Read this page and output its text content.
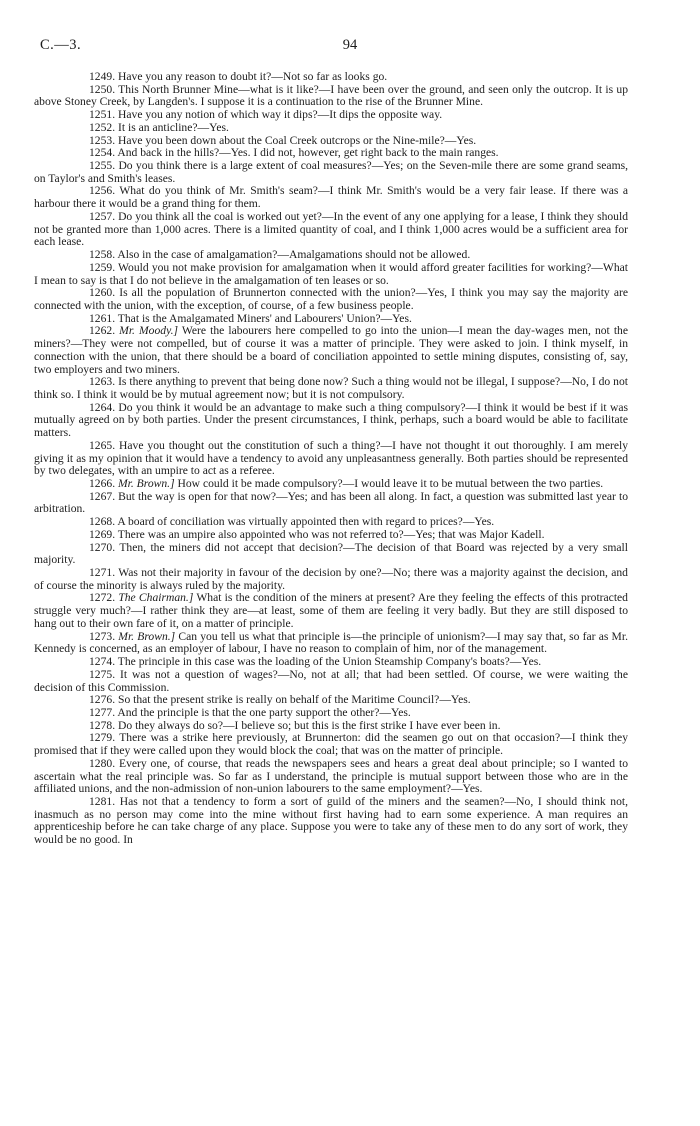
C.—3.	94

1249. Have you any reason to doubt it?—Not so far as looks go.

1250. This North Brunner Mine—what is it like?—I have been over the ground, and seen only the outcrop. It is up above Stoney Creek, by Langden's. I suppose it is a continuation to the rise of the Brunner Mine.

1251. Have you any notion of which way it dips?—It dips the opposite way.

1252. It is an anticline?—Yes.

1253. Have you been down about the Coal Creek outcrops or the Nine-mile?—Yes.

1254. And back in the hills?—Yes. I did not, however, get right back to the main ranges.

1255. Do you think there is a large extent of coal measures?—Yes; on the Seven-mile there are some grand seams, on Taylor's and Smith's leases.

1256. What do you think of Mr. Smith's seam?—I think Mr. Smith's would be a very fair lease. If there was a harbour there it would be a grand thing for them.

1257. Do you think all the coal is worked out yet?—In the event of any one applying for a lease, I think they should not be granted more than 1,000 acres. There is a limited quantity of coal, and I think 1,000 acres would be a sufficient area for each lease.

1258. Also in the case of amalgamation?—Amalgamations should not be allowed.

1259. Would you not make provision for amalgamation when it would afford greater facilities for working?—What I mean to say is that I do not believe in the amalgamation of ten leases or so.

1260. Is all the population of Brunnerton connected with the union?—Yes, I think you may say the majority are connected with the union, with the exception, of course, of a few business people.

1261. That is the Amalgamated Miners' and Labourers' Union?—Yes.

1262. Mr. Moody.] Were the labourers here compelled to go into the union—I mean the day-wages men, not the miners?—They were not compelled, but of course it was a matter of principle. They were asked to join. I think myself, in connection with the union, that there should be a board of conciliation appointed to settle mining disputes, consisting of, say, two employers and two miners.

1263. Is there anything to prevent that being done now? Such a thing would not be illegal, I suppose?—No, I do not think so. I think it would be by mutual agreement now; but it is not compulsory.

1264. Do you think it would be an advantage to make such a thing compulsory?—I think it would be best if it was mutually agreed on by both parties. Under the present circumstances, I think, perhaps, such a board would be able to facilitate matters.

1265. Have you thought out the constitution of such a thing?—I have not thought it out thoroughly. I am merely giving it as my opinion that it would have a tendency to avoid any unpleasantness generally. Both parties should be represented by two delegates, with an umpire to act as a referee.

1266. Mr. Brown.] How could it be made compulsory?—I would leave it to be mutual between the two parties.

1267. But the way is open for that now?—Yes; and has been all along. In fact, a question was submitted last year to arbitration.

1268. A board of conciliation was virtually appointed then with regard to prices?—Yes.

1269. There was an umpire also appointed who was not referred to?—Yes; that was Major Kadell.

1270. Then, the miners did not accept that decision?—The decision of that Board was rejected by a very small majority.

1271. Was not their majority in favour of the decision by one?—No; there was a majority against the decision, and of course the minority is always ruled by the majority.

1272. The Chairman.] What is the condition of the miners at present? Are they feeling the effects of this protracted struggle very much?—I rather think they are—at least, some of them are feeling it very badly. But they are still disposed to hang out to their own fare of it, on a matter of principle.

1273. Mr. Brown.] Can you tell us what that principle is—the principle of unionism?—I may say that, so far as Mr. Kennedy is concerned, as an employer of labour, I have no reason to complain of him, nor of the management.

1274. The principle in this case was the loading of the Union Steamship Company's boats?—Yes.

1275. It was not a question of wages?—No, not at all; that had been settled. Of course, we were waiting the decision of this Commission.

1276. So that the present strike is really on behalf of the Maritime Council?—Yes.

1277. And the principle is that the one party support the other?—Yes.

1278. Do they always do so?—I believe so; but this is the first strike I have ever been in.

1279. There was a strike here previously, at Brunnerton: did the seamen go out on that occasion?—I think they promised that if they were called upon they would block the coal; that was on the matter of principle.

1280. Every one, of course, that reads the newspapers sees and hears a great deal about principle; so I wanted to ascertain what the real principle was. So far as I understand, the principle is mutual support between those who are in the affiliated unions, and the non-admission of non-union labourers to the same employment?—Yes.

1281. Has not that a tendency to form a sort of guild of the miners and the seamen?—No, I should think not, inasmuch as no person may come into the mine without first having had to earn some experience. A man requires an apprenticeship before he can take charge of any place. Suppose you were to take any of these men to do any sort of work, they would be no good. In
